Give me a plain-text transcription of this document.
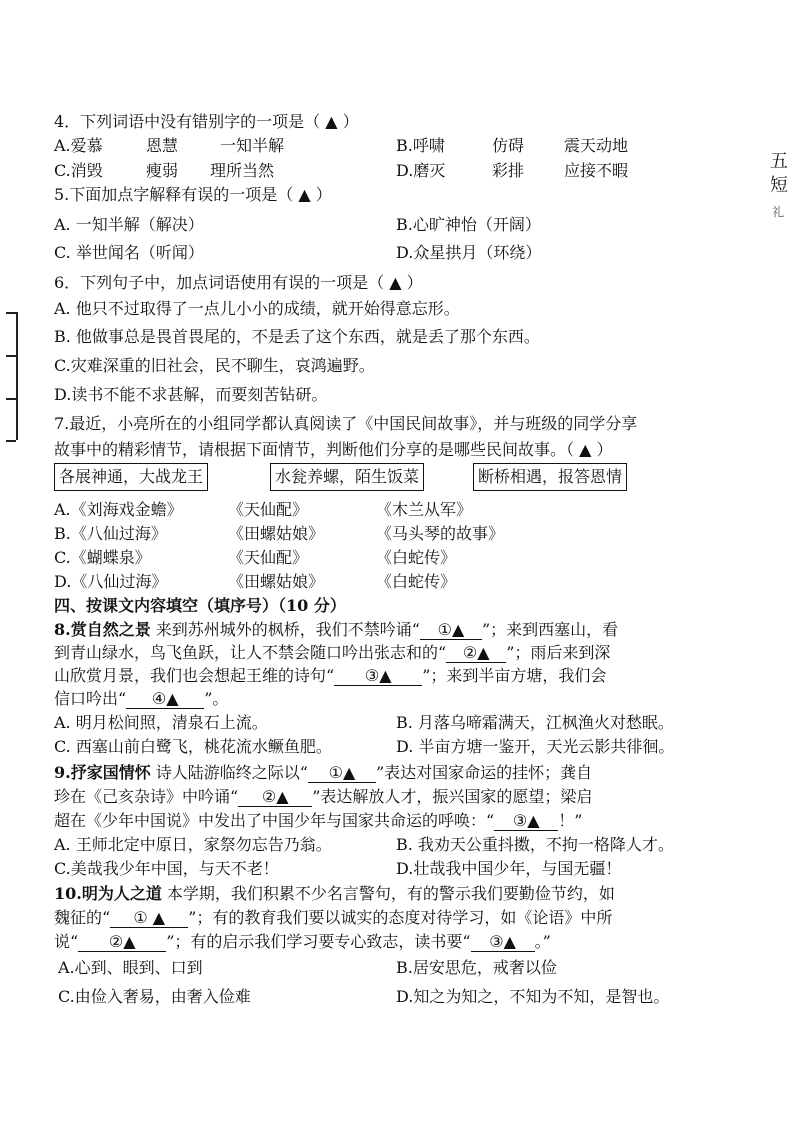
五
短
礼
4．下列词语中没有错别字的一项是（ ▲ ）
A.爱慕	恩慧	一知半解	B.呼啸	仿碍 震天动地
C.消毁	瘦弱 理所当然	D.磨灭	彩排 应接不暇
5.下面加点字解释有误的一项是（ ▲ ）
A. 一知半解（解决）	B.心旷神怡（开阔）
C. 举世闻名（听闻）	D.众星拱月（环绕）
6．下列句子中，加点词语使用有误的一项是（ ▲ ）
A. 他只不过取得了一点儿小小的成绩，就开始得意忘形。
B. 他做事总是畏首畏尾的，不是丢了这个东西，就是丢了那个东西。
C.灾难深重的旧社会，民不聊生，哀鸿遍野。
D.读书不能不求甚解，而要刻苦钻研。
7.最近，小亮所在的小组同学都认真阅读了《中国民间故事》，并与班级的同学分享
故事中的精彩情节，请根据下面情节，判断他们分享的是哪些民间故事。（ ▲ ）
各展神通，大战龙王	水瓮养螺，陌生饭菜	断桥相遇，报答恩情
A.《刘海戏金蟾》	《天仙配》	《木兰从军》
B.《八仙过海》	《田螺姑娘》	《马头琴的故事》
C.《蝴蝶泉》	《天仙配》	《白蛇传》
D.《八仙过海》	《田螺姑娘》	《白蛇传》
四、按课文内容填空（填序号）（10 分）
8.赏自然之景 来到苏州城外的枫桥，我们不禁吟诵“ ①▲ ”；来到西塞山，看
到青山绿水，鸟飞鱼跃，让人不禁会随口吟出张志和的“ ②▲ ”；雨后来到深
山欣赏月景，我们也会想起王维的诗句“ ③▲ ”；来到半亩方塘，我们会
信口吟出“ ④▲ ”。
A. 明月松间照，清泉石上流。	B. 月落乌啼霜满天，江枫渔火对愁眠。
C. 西塞山前白鹭飞，桃花流水鳜鱼肥。	D. 半亩方塘一鉴开，天光云影共徘徊。
9.抒家国情怀 诗人陆游临终之际以“ ①▲ ”表达对国家命运的挂怀；龚自
珍在《己亥杂诗》中吟诵“ ②▲ ”表达解放人才，振兴国家的愿望；梁启
超在《少年中国说》中发出了中国少年与国家共命运的呼唤：“ ③▲ ！”
A. 王师北定中原日，家祭勿忘告乃翁。	B. 我劝天公重抖擞，不拘一格降人才。
C.美哉我少年中国，与天不老！	D.壮哉我中国少年，与国无疆！
10.明为人之道 本学期，我们积累不少名言警句，有的警示我们要勤俭节约，如
魏征的“ ① ▲ ”；有的教育我们要以诚实的态度对待学习，如《论语》中所
说“ ②▲ ”；有的启示我们学习要专心致志，读书要“ ③▲ 。”
A.心到、眼到、口到	B.居安思危，戒奢以俭
C.由俭入奢易，由奢入俭难	D.知之为知之，不知为不知，是智也。
